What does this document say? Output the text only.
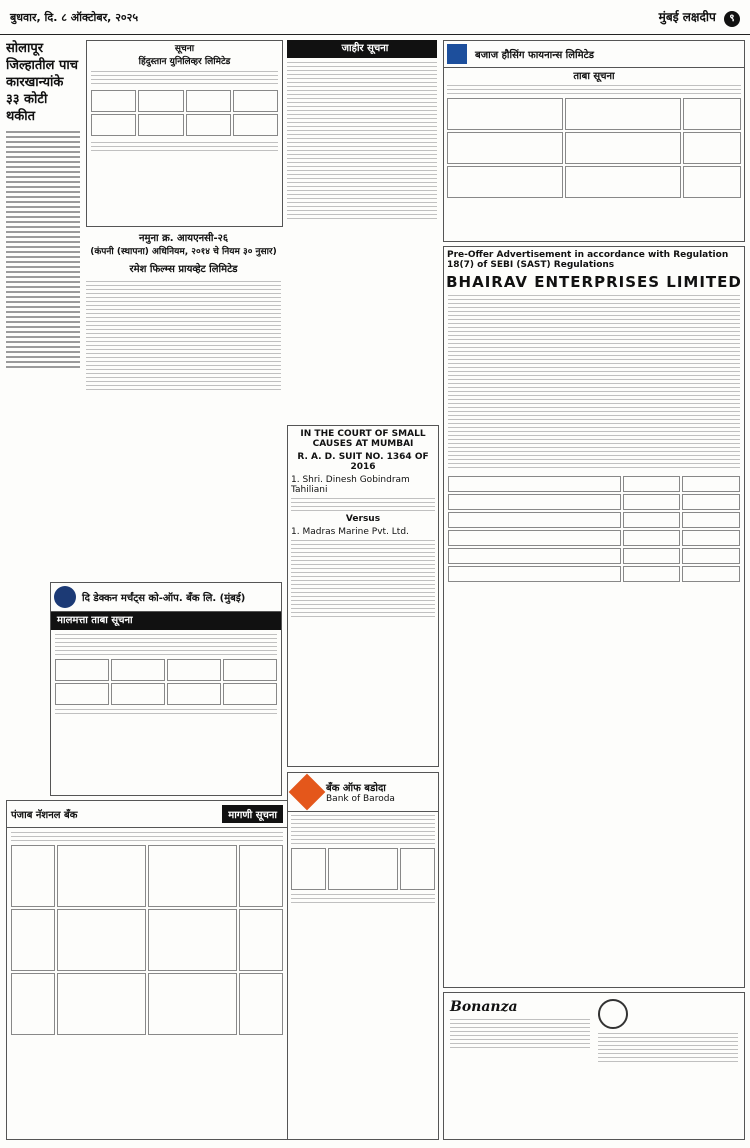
बुधवार, दि. ८ ऑक्टोबर, २०२५	मुंबई लक्षदीप ९
सोलापूर जिल्हातील पाच कारखान्यांके ३३ कोटी थकीत
सूचना
हिंदुस्तान युनिलिव्हर लिमिटेड
नमुना क्र. आयएनसी-२६
(कंपनी (स्थापना) अधिनियम, २०१४ चे नियम ३० नुसार)
रमेश फिल्म्स प्रायव्हेट लिमिटेड
दि डेक्कन मर्चंट्स को-ऑप. बँक लि. (मुंबई)
मालमत्ता ताबा सूचना
पंजाब नॅशनल बँक	मागणी सूचना
जाहीर सूचना
IN THE COURT OF SMALL CAUSES AT MUMBAI
R. A. D. SUIT NO. 1364 OF 2016
1. Shri. Dinesh Gobindram Tahiliani
Versus
1. Madras Marine Pvt. Ltd.
बँक ऑफ बडोदा
Bank of Baroda
बजाज हौसिंग फायनान्स लिमिटेड
ताबा सूचना
Pre-Offer Advertisement in accordance with Regulation 18(7) of SEBI (SAST) Regulations
BHAIRAV ENTERPRISES LIMITED
Bonanza
